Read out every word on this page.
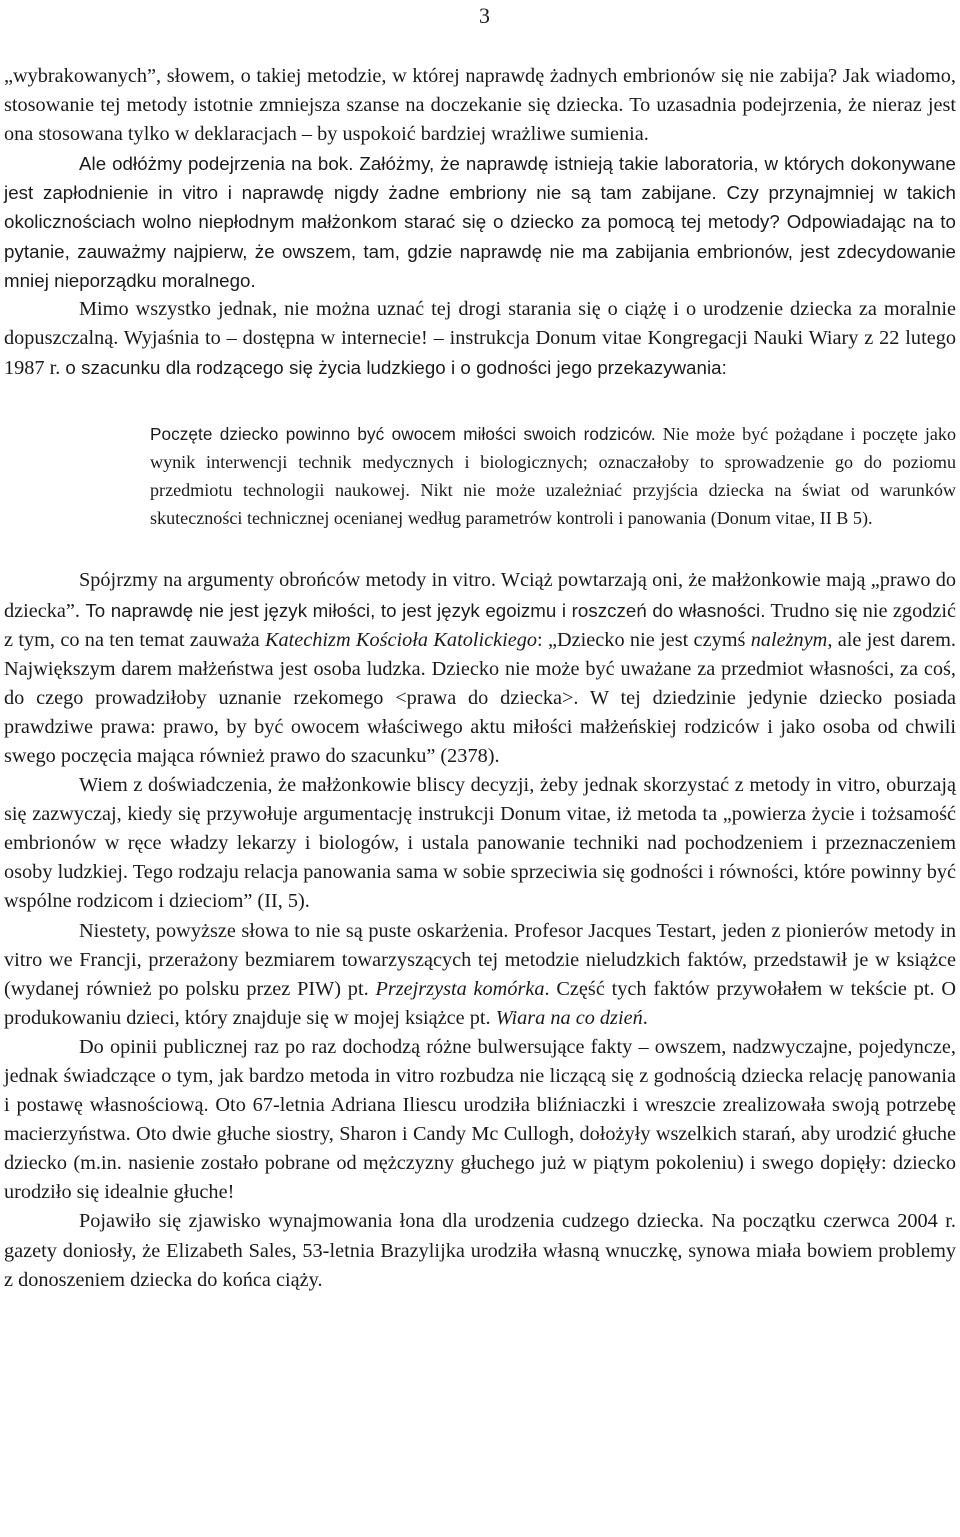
3

„wybrakowanych”, słowem, o takiej metodzie, w której naprawdę żadnych embrionów się nie zabija? Jak wiadomo, stosowanie tej metody istotnie zmniejsza szanse na doczekanie się dziecka. To uzasadnia podejrzenia, że nieraz jest ona stosowana tylko w deklaracjach – by uspokoić bardziej wrażliwe sumienia.

Ale odłóżmy podejrzenia na bok. Załóżmy, że naprawdę istnieją takie laboratoria, w których dokonywane jest zapłodnienie in vitro i naprawdę nigdy żadne embriony nie są tam zabijane. Czy przynajmniej w takich okolicznościach wolno niepłodnym małżonkom starać się o dziecko za pomocą tej metody? Odpowiadając na to pytanie, zauważmy najpierw, że owszem, tam, gdzie naprawdę nie ma zabijania embrionów, jest zdecydowanie mniej nieporządku moralnego.

Mimo wszystko jednak, nie można uznać tej drogi starania się o ciążę i o urodzenie dziecka za moralnie dopuszczalną. Wyjaśnia to – dostępna w internecie! – instrukcja Donum vitae Kongregacji Nauki Wiary z 22 lutego 1987 r. o szacunku dla rodzącego się życia ludzkiego i o godności jego przekazywania:

Poczęte dziecko powinno być owocem miłości swoich rodziców. Nie może być pożądane i poczęte jako wynik interwencji technik medycznych i biologicznych; oznaczałoby to sprowadzenie go do poziomu przedmiotu technologii naukowej. Nikt nie może uzależniać przyjścia dziecka na świat od warunków skuteczności technicznej ocenianej według parametrów kontroli i panowania (Donum vitae, II B 5).

Spójrzmy na argumenty obrońców metody in vitro. Wciąż powtarzają oni, że małżonkowie mają „prawo do dziecka”. To naprawdę nie jest język miłości, to jest język egoizmu i roszczeń do własności. Trudno się nie zgodzić z tym, co na ten temat zauważa Katechizm Kościoła Katolickiego: „Dziecko nie jest czymś należnym, ale jest darem. Największym darem małżeństwa jest osoba ludzka. Dziecko nie może być uważane za przedmiot własności, za coś, do czego prowadziłoby uznanie rzekomego <prawa do dziecka>. W tej dziedzinie jedynie dziecko posiada prawdziwe prawa: prawo, by być owocem właściwego aktu miłości małżeńskiej rodziców i jako osoba od chwili swego poczęcia mająca również prawo do szacunku” (2378).

Wiem z doświadczenia, że małżonkowie bliscy decyzji, żeby jednak skorzystać z metody in vitro, oburzają się zazwyczaj, kiedy się przywołuje argumentację instrukcji Donum vitae, iż metoda ta „powierza życie i tożsamość embrionów w ręce władzy lekarzy i biologów, i ustala panowanie techniki nad pochodzeniem i przeznaczeniem osoby ludzkiej. Tego rodzaju relacja panowania sama w sobie sprzeciwia się godności i równości, które powinny być wspólne rodzicom i dzieciom” (II, 5).

Niestety, powyższe słowa to nie są puste oskarżenia. Profesor Jacques Testart, jeden z pionierów metody in vitro we Francji, przerażony bezmiarem towarzyszących tej metodzie nieludzkich faktów, przedstawił je w książce (wydanej również po polsku przez PIW) pt. Przejrzysta komórka. Część tych faktów przywołałem w tekście pt. O produkowaniu dzieci, który znajduje się w mojej książce pt. Wiara na co dzień.

Do opinii publicznej raz po raz dochodzą różne bulwersujące fakty – owszem, nadzwyczajne, pojedyncze, jednak świadczące o tym, jak bardzo metoda in vitro rozbudza nie liczącą się z godnością dziecka relację panowania i postawę własnościową. Oto 67-letnia Adriana Iliescu urodziła bliźniaczki i wreszcie zrealizowała swoją potrzebę macierzyństwa. Oto dwie głuche siostry, Sharon i Candy Mc Cullogh, dołożyły wszelkich starań, aby urodzić głuche dziecko (m.in. nasienie zostało pobrane od mężczyzny głuchego już w piątym pokoleniu) i swego dopięły: dziecko urodziło się idealnie głuche!

Pojawiło się zjawisko wynajmowania łona dla urodzenia cudzego dziecka. Na początku czerwca 2004 r. gazety doniosły, że Elizabeth Sales, 53-letnia Brazylijka urodziła własną wnuczkę, synowa miała bowiem problemy z donoszeniem dziecka do końca ciąży.
